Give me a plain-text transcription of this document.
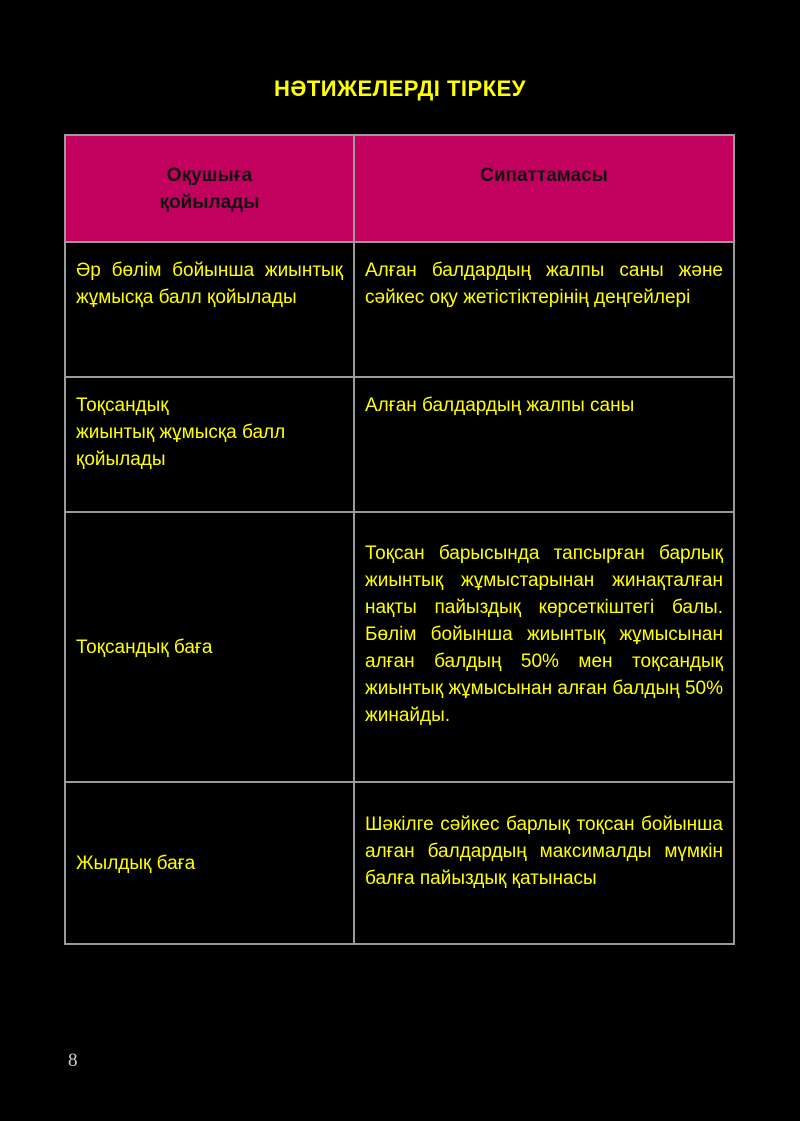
НӘТИЖЕЛЕРДІ ТІРКЕУ
Оқушыға
қойылады	Сипаттамасы
Әр бөлім бойынша жиынтық жұмысқа балл қойылады	Алған балдардың жалпы саны және сәйкес оқу жетістіктерінің деңгейлері
Тоқсандық
жиынтық жұмысқа балл қойылады	Алған балдардың жалпы саны
Тоқсандық баға	Тоқсан барысында тапсырған барлық жиынтық жұмыстарынан жинақталған нақты пайыздық көрсеткіштегі балы. Бөлім бойынша жиынтық жұмысынан алған балдың 50% мен тоқсандық жиынтық жұмысынан алған балдың 50% жинайды.
Жылдық баға	Шәкілге сәйкес барлық тоқсан бойынша алған балдардың максималды мүмкін балға пайыздық қатынасы
8
